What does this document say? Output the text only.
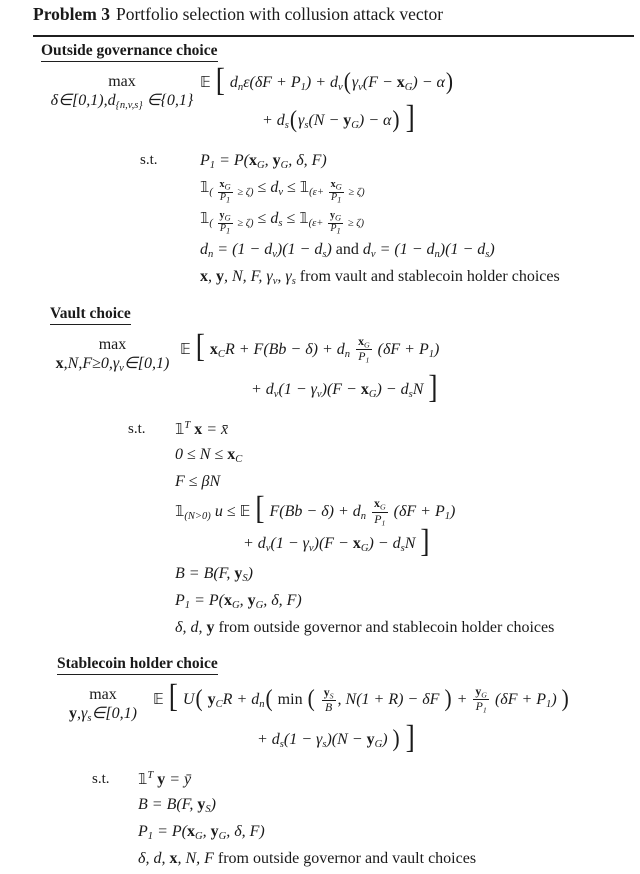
Problem 3 Portfolio selection with collusion attack vector
Outside governance choice
max
δ∈[0,1),d{n,v,s} ∈{0,1}
𝔼 [ dnε(δF + P1) + dv(γv(F − xG) − α)
+ ds(γs(N − yG) − α) ]
s.t.	P1 = P(xG, yG, δ, F)
𝟙( $\frac{x_G}{P_1} \ge \zeta$) ≤ dv ≤ 𝟙(ε+ $\frac{x_G}{P_1} \ge \zeta$)
𝟙( $\frac{y_G}{P_1} \ge \zeta$) ≤ ds ≤ 𝟙(ε+ $\frac{y_G}{P_1} \ge \zeta$)
dn = (1 − dv)(1 − ds) and dv = (1 − dn)(1 − ds)
x, y, N, F, γv, γs from vault and stablecoin holder choices
Vault choice
max
x,N,F≥0,γv∈[0,1)
𝔼 [ xCR + F(Bb − δ) + dn $\frac{xG}{P1} (\delta F + P1)$
+ dv(1 − γv)(F − xG) − dsN ]
s.t.	$𝟙^T$ x = x̄
0 ≤ N ≤ xC
F ≤ βN
𝟙(N>0) u ≤ 𝔼 [ F(Bb − δ) + dn $\frac{xG}{P1} (\delta F + P1)$
+ dv(1 − γv)(F − xG) − dsN ]
B = B(F, yS)
P1 = P(xG, yG, δ, F)
δ, d, y from outside governor and stablecoin holder choices
Stablecoin holder choice
max
y,γs∈[0,1)
𝔼 [ U( yCR + dn( min ( $\frac{yS}{B}$ , N(1 + R) − δF ) + $\frac{yG}{P1} (\delta F + P1)$ )
+ ds(1 − γs)(N − yG) ) ]
s.t.	$𝟙^T$ y = ȳ
B = B(F, yS)
P1 = P(xG, yG, δ, F)
δ, d, x, N, F from outside governor and vault choices
